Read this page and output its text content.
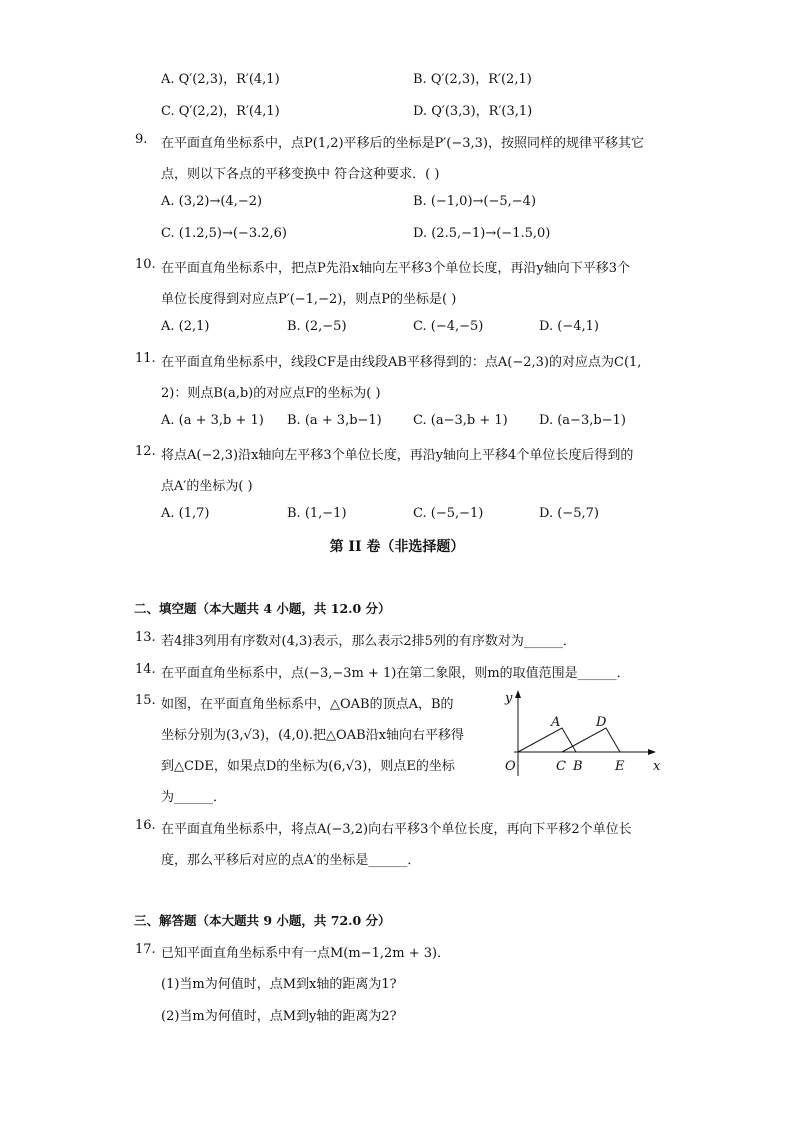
A. Q′(2,3)，R′(4,1)	B. Q′(2,3)，R′(2,1)
C. Q′(2,2)，R′(4,1)	D. Q′(3,3)，R′(3,1)
9. 在平面直角坐标系中，点P(1,2)平移后的坐标是P′(−3,3)，按照同样的规律平移其它
点，则以下各点的平移变换中 符合这种要求．( )
A. (3,2)→(4,−2)	B. (−1,0)→(−5,−4)
C. (1.2,5)→(−3.2,6)	D. (2.5,−1)→(−1.5,0)
10. 在平面直角坐标系中，把点P先沿x轴向左平移3个单位长度，再沿y轴向下平移3个
单位长度得到对应点P′(−1,−2)，则点P的坐标是( )
A. (2,1)	B. (2,−5)	C. (−4,−5)	D. (−4,1)
11. 在平面直角坐标系中，线段CF是由线段AB平移得到的：点A(−2,3)的对应点为C(1,
2)：则点B(a,b)的对应点F的坐标为( )
A. (a + 3,b + 1) B. (a + 3,b−1) C. (a−3,b + 1) D. (a−3,b−1)
12. 将点A(−2,3)沿x轴向左平移3个单位长度，再沿y轴向上平移4个单位长度后得到的
点A′的坐标为( )
A. (1,7)	B. (1,−1)	C. (−5,−1)	D. (−5,7)
第 II 卷（非选择题）
二、填空题（本大题共 4 小题，共 12.0 分）
13. 若4排3列用有序数对(4,3)表示，那么表示2排5列的有序数对为______．
14. 在平面直角坐标系中，点(−3,−3m + 1)在第二象限，则m的取值范围是______．
15. 如图，在平面直角坐标系中，△OAB的顶点A，B的
坐标分别为(3,√3)，(4,0).把△OAB沿x轴向右平移得
到△CDE，如果点D的坐标为(6,√3)，则点E的坐标
为______．
y
x
O
A	D
C B E
16. 在平面直角坐标系中，将点A(−3,2)向右平移3个单位长度，再向下平移2个单位长
度，那么平移后对应的点A′的坐标是______．
三、解答题（本大题共 9 小题，共 72.0 分）
17. 已知平面直角坐标系中有一点M(m−1,2m + 3)．
(1)当m为何值时，点M到x轴的距离为1?
(2)当m为何值时，点M到y轴的距离为2?
